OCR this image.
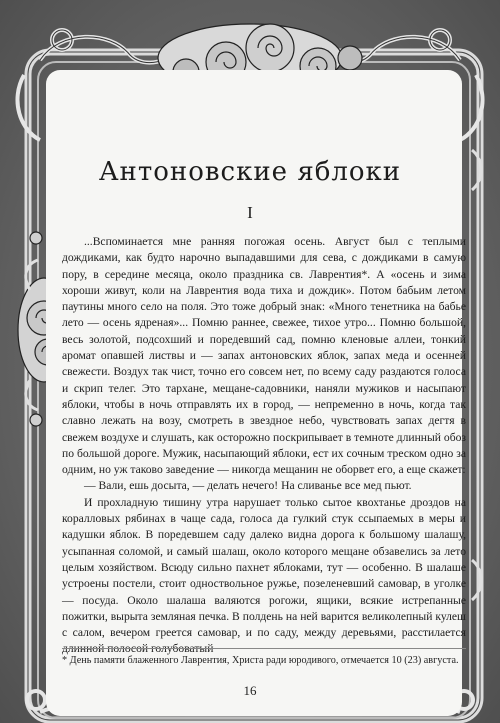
Антоновские яблоки
I

...Вспоминается мне ранняя погожая осень. Август был с теплыми дождиками, как будто нарочно выпадавшими для сева, с дождиками в самую пору, в середине месяца, около праздника св. Лаврентия*. А «осень и зима хороши живут, коли на Лаврентия вода тиха и дождик». Потом бабьим летом паутины много село на поля. Это тоже добрый знак: «Много тенетника на бабье лето — осень ядреная»... Помню раннее, свежее, тихое утро... Помню большой, весь золотой, подсохший и поредевший сад, помню кленовые аллеи, тонкий аромат опавшей листвы и — запах антоновских яблок, запах меда и осенней свежести. Воздух так чист, точно его совсем нет, по всему саду раздаются голоса и скрип телег. Это тархане, мещане-садовники, наняли мужиков и насыпают яблоки, чтобы в ночь отправлять их в город, — непременно в ночь, когда так славно лежать на возу, смотреть в звездное небо, чувствовать запах дегтя в свежем воздухе и слушать, как осторожно поскрипывает в темноте длинный обоз по большой дороге. Мужик, насыпающий яблоки, ест их сочным треском одно за одним, но уж таково заведение — никогда мещанин не оборвет его, а еще скажет:

— Вали, ешь досыта, — делать нечего! На сливанье все мед пьют.

И прохладную тишину утра нарушает только сытое квохтанье дроздов на коралловых рябинах в чаще сада, голоса да гулкий стук ссыпаемых в меры и кадушки яблок. В поредевшем саду далеко видна дорога к большому шалашу, усыпанная соломой, и самый шалаш, около которого мещане обзавелись за лето целым хозяйством. Всюду сильно пахнет яблоками, тут — особенно. В шалаше устроены постели, стоит одноствольное ружье, позеленевший самовар, в уголке — посуда. Около шалаша валяются рогожи, ящики, всякие истрепанные пожитки, вырыта земляная печка. В полдень на ней варится великолепный кулеш с салом, вечером греется самовар, и по саду, между деревьями, расстилается длинной полосой голубоватый

* День памяти блаженного Лаврентия, Христа ради юродивого, отмечается 10 (23) августа.
16
